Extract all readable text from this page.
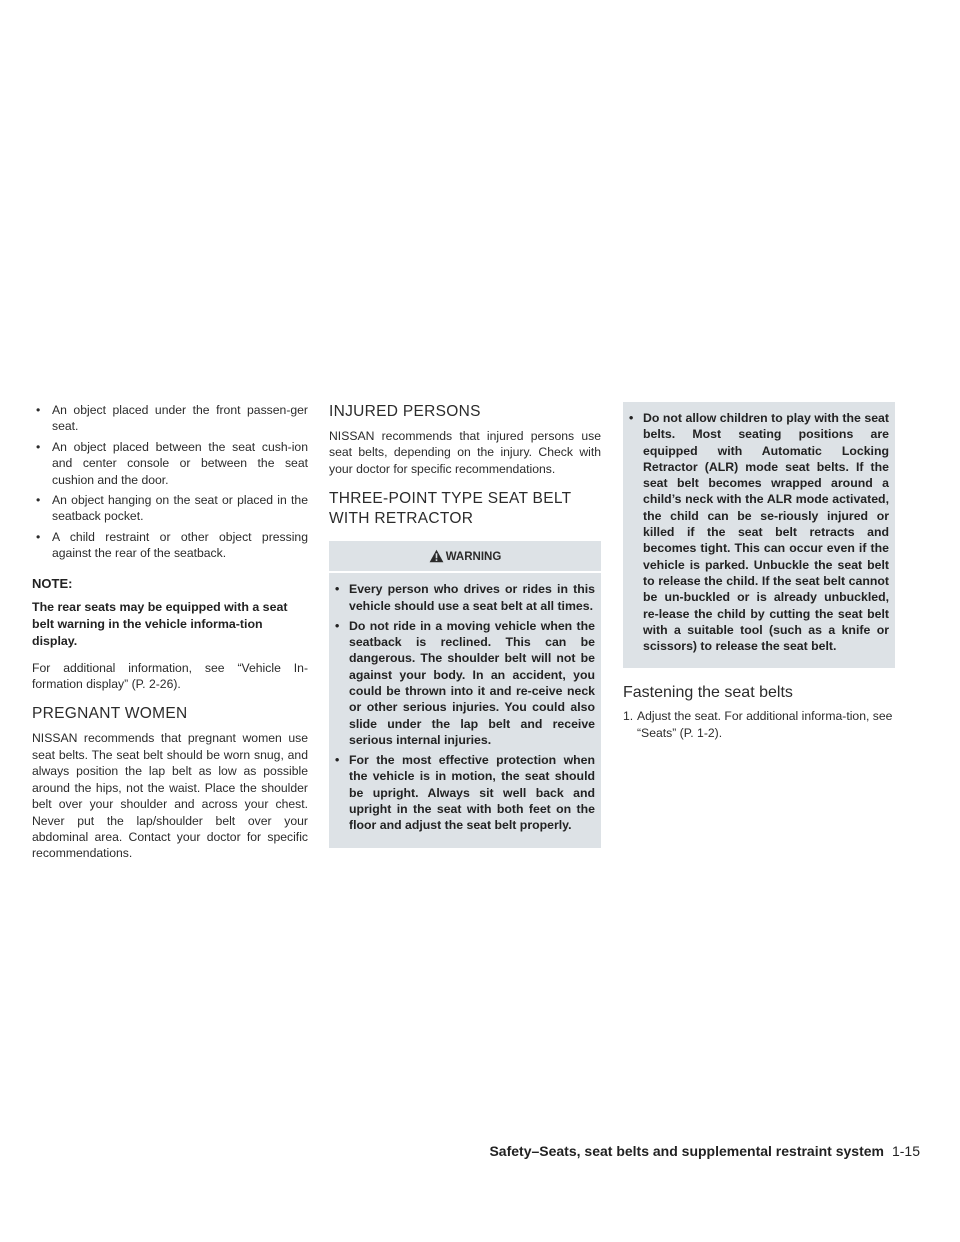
• An object placed under the front passen-ger seat.
• An object placed between the seat cush-ion and center console or between the seat cushion and the door.
• An object hanging on the seat or placed in the seatback pocket.
• A child restraint or other object pressing against the rear of the seatback.
NOTE:

The rear seats may be equipped with a seat belt warning in the vehicle informa-tion display.

For additional information, see “Vehicle In-formation display” (P. 2-26).

PREGNANT WOMEN

NISSAN recommends that pregnant women use seat belts. The seat belt should be worn snug, and always position the lap belt as low as possible around the hips, not the waist. Place the shoulder belt over your shoulder and across your chest. Never put the lap/shoulder belt over your abdominal area. Contact your doctor for specific recommendations.

INJURED PERSONS

NISSAN recommends that injured persons use seat belts, depending on the injury. Check with your doctor for specific recommendations.

THREE-POINT TYPE SEAT BELT WITH RETRACTOR
WARNING
• Every person who drives or rides in this vehicle should use a seat belt at all times.
• Do not ride in a moving vehicle when the seatback is reclined. This can be dangerous. The shoulder belt will not be against your body. In an accident, you could be thrown into it and re-ceive neck or other serious injuries. You could also slide under the lap belt and receive serious internal injuries.
• For the most effective protection when the vehicle is in motion, the seat should be upright. Always sit well back and upright in the seat with both feet on the floor and adjust the seat belt properly.
• Do not allow children to play with the seat belts. Most seating positions are equipped with Automatic Locking Retractor (ALR) mode seat belts. If the seat belt becomes wrapped around a child’s neck with the ALR mode activated, the child can be se-riously injured or killed if the seat belt retracts and becomes tight. This can occur even if the vehicle is parked. Unbuckle the seat belt to release the child. If the seat belt cannot be un-buckled or is already unbuckled, re-lease the child by cutting the seat belt with a suitable tool (such as a knife or scissors) to release the seat belt.
Fastening the seat belts
1. Adjust the seat. For additional informa-tion, see “Seats” (P. 1-2).
Safety–Seats, seat belts and supplemental restraint system 1-15
